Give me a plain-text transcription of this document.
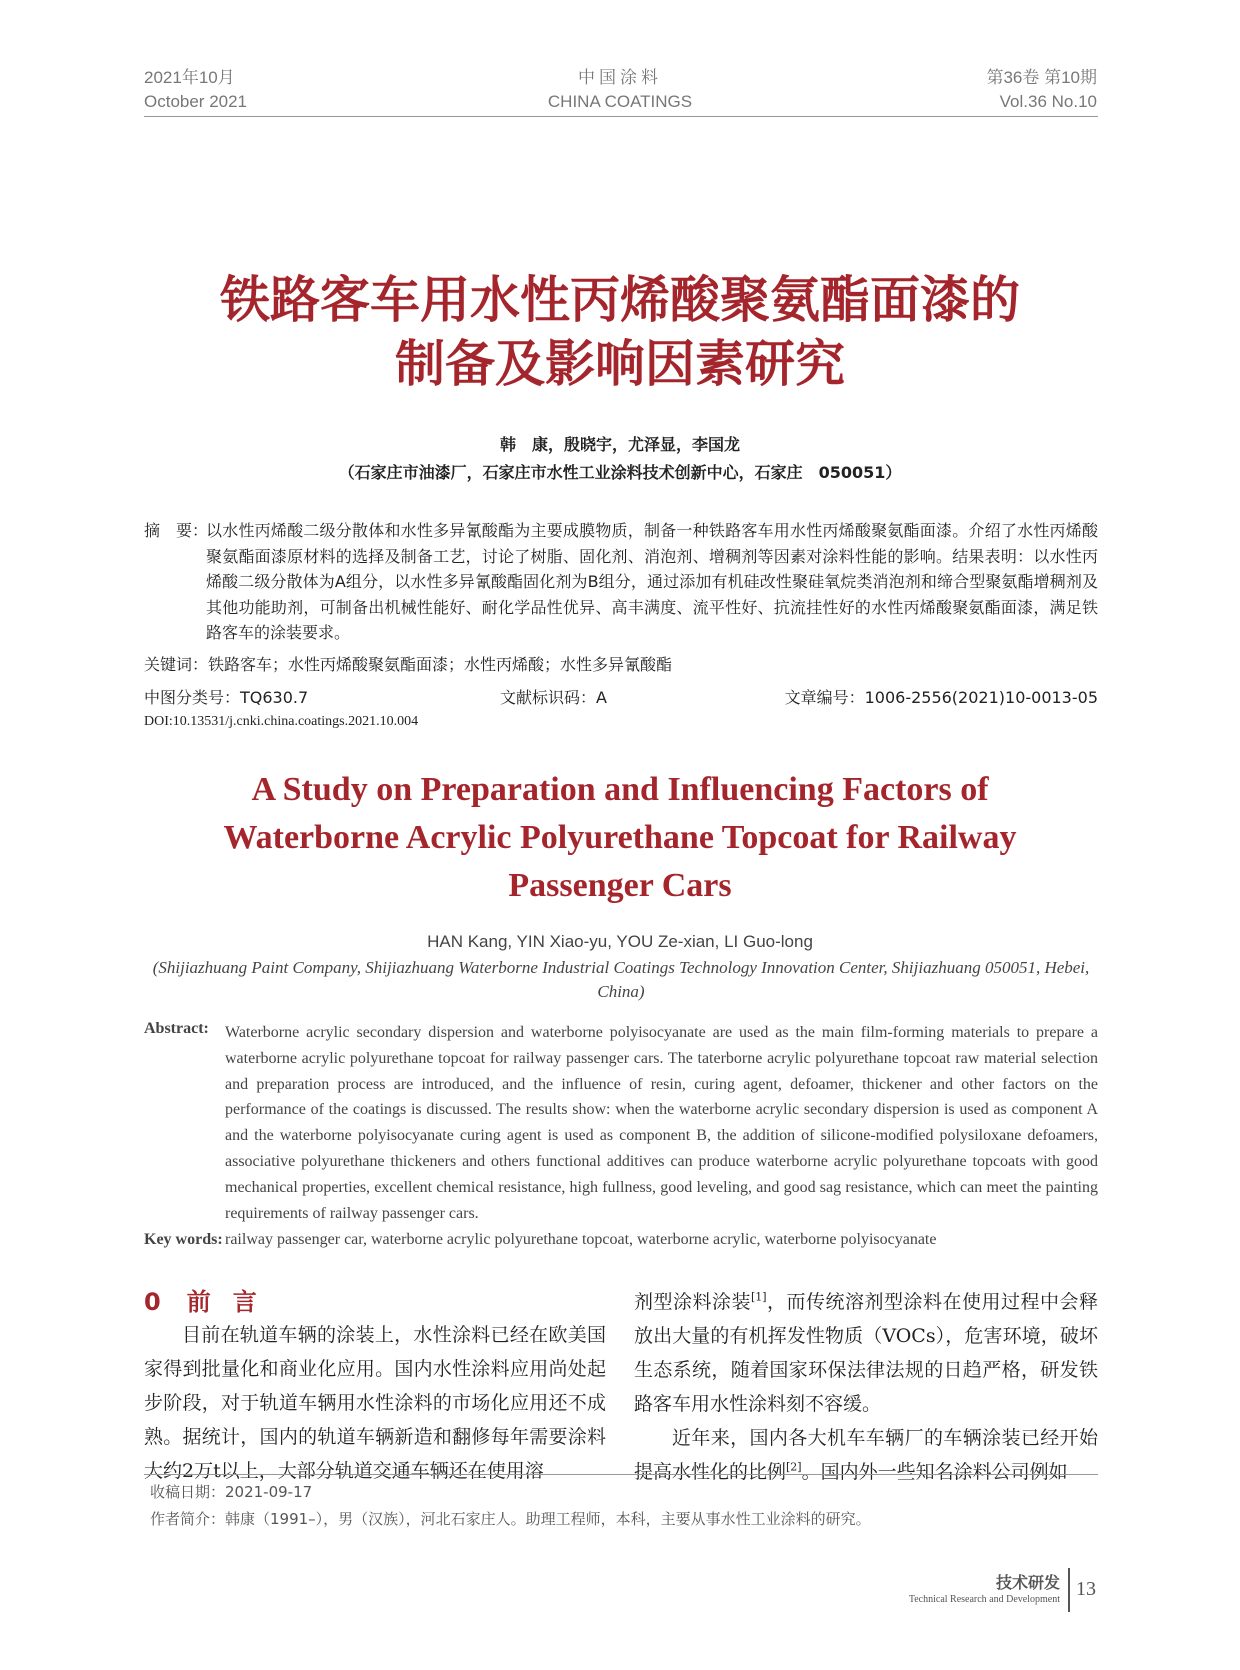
2021年10月
October 2021
中国涂料
CHINA COATINGS
第36卷 第10期
Vol.36 No.10
铁路客车用水性丙烯酸聚氨酯面漆的
制备及影响因素研究
韩　康，殷晓宇，尤泽显，李国龙
（石家庄市油漆厂，石家庄市水性工业涂料技术创新中心，石家庄　050051）
摘　要：
以水性丙烯酸二级分散体和水性多异氰酸酯为主要成膜物质，制备一种铁路客车用水性丙烯酸聚氨酯面漆。介绍了水性丙烯酸聚氨酯面漆原材料的选择及制备工艺，讨论了树脂、固化剂、消泡剂、增稠剂等因素对涂料性能的影响。结果表明：以水性丙烯酸二级分散体为A组分，以水性多异氰酸酯固化剂为B组分，通过添加有机硅改性聚硅氧烷类消泡剂和缔合型聚氨酯增稠剂及其他功能助剂，可制备出机械性能好、耐化学品性优异、高丰满度、流平性好、抗流挂性好的水性丙烯酸聚氨酯面漆，满足铁路客车的涂装要求。
关键词：铁路客车；水性丙烯酸聚氨酯面漆；水性丙烯酸；水性多异氰酸酯
中图分类号：TQ630.7	文献标识码：A	文章编号：1006-2556(2021)10-0013-05
DOI:10.13531/j.cnki.china.coatings.2021.10.004
A Study on Preparation and Influencing Factors of
Waterborne Acrylic Polyurethane Topcoat for Railway
Passenger Cars
HAN Kang, YIN Xiao-yu, YOU Ze-xian, LI Guo-long
(Shijiazhuang Paint Company, Shijiazhuang Waterborne Industrial Coatings Technology Innovation Center, Shijiazhuang 050051, Hebei, China)
Abstract: Waterborne acrylic secondary dispersion and waterborne polyisocyanate are used as the main film-forming materials to prepare a waterborne acrylic polyurethane topcoat for railway passenger cars. The taterborne acrylic polyurethane topcoat raw material selection and preparation process are introduced, and the influence of resin, curing agent, defoamer, thickener and other factors on the performance of the coatings is discussed. The results show: when the waterborne acrylic secondary dispersion is used as component A and the waterborne polyisocyanate curing agent is used as component B, the addition of silicone-modified polysiloxane defoamers, associative polyurethane thickeners and others functional additives can produce waterborne acrylic polyurethane topcoats with good mechanical properties, excellent chemical resistance, high fullness, good leveling, and good sag resistance, which can meet the painting requirements of railway passenger cars.
Key words: railway passenger car, waterborne acrylic polyurethane topcoat, waterborne acrylic, waterborne polyisocyanate
0 前言

目前在轨道车辆的涂装上，水性涂料已经在欧美国家得到批量化和商业化应用。国内水性涂料应用尚处起步阶段，对于轨道车辆用水性涂料的市场化应用还不成熟。据统计，国内的轨道车辆新造和翻修每年需要涂料大约2万t以上，大部分轨道交通车辆还在使用溶

剂型涂料涂装[1]，而传统溶剂型涂料在使用过程中会释放出大量的有机挥发性物质（VOCs），危害环境，破坏生态系统，随着国家环保法律法规的日趋严格，研发铁路客车用水性涂料刻不容缓。

近年来，国内各大机车车辆厂的车辆涂装已经开始提高水性化的比例[2]。国内外一些知名涂料公司例如

收稿日期：2021-09-17
作者简介：韩康（1991–），男（汉族），河北石家庄人。助理工程师，本科，主要从事水性工业涂料的研究。
技术研发
Technical Research and Development 13
